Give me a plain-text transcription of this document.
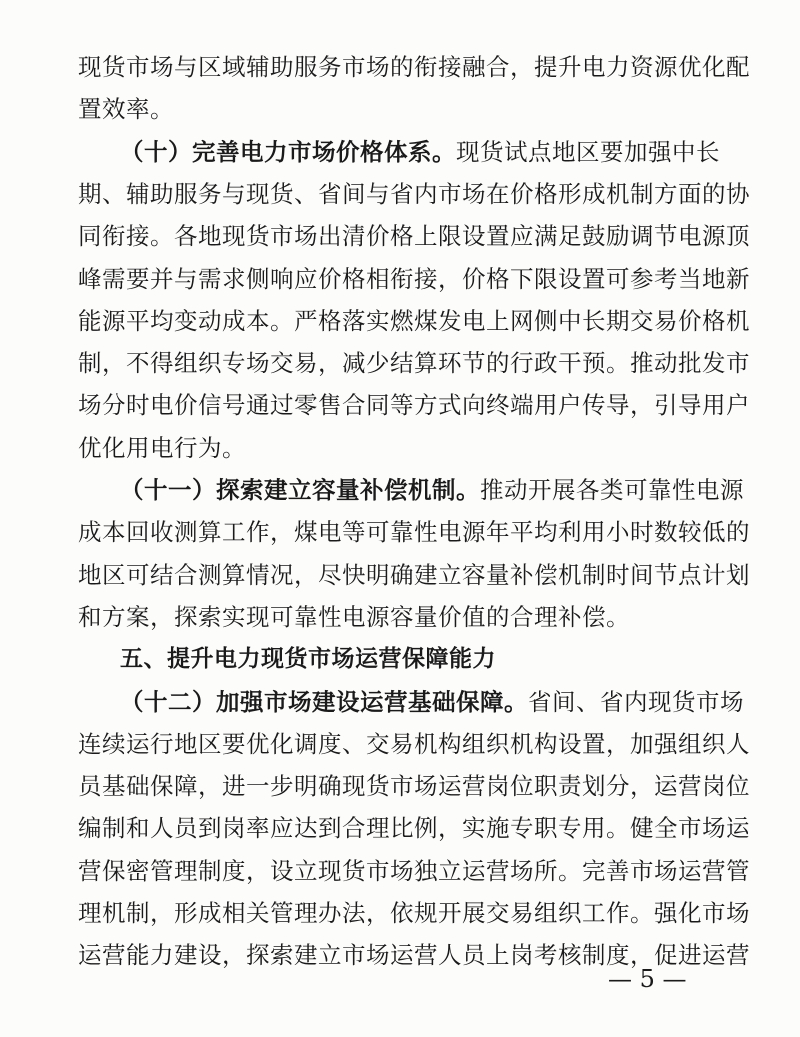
现货市场与区域辅助服务市场的衔接融合，提升电力资源优化配
置效率。
（十）完善电力市场价格体系。现货试点地区要加强中长
期、辅助服务与现货、省间与省内市场在价格形成机制方面的协
同衔接。各地现货市场出清价格上限设置应满足鼓励调节电源顶
峰需要并与需求侧响应价格相衔接，价格下限设置可参考当地新
能源平均变动成本。严格落实燃煤发电上网侧中长期交易价格机
制，不得组织专场交易，减少结算环节的行政干预。推动批发市
场分时电价信号通过零售合同等方式向终端用户传导，引导用户
优化用电行为。
（十一）探索建立容量补偿机制。推动开展各类可靠性电源
成本回收测算工作，煤电等可靠性电源年平均利用小时数较低的
地区可结合测算情况，尽快明确建立容量补偿机制时间节点计划
和方案，探索实现可靠性电源容量价值的合理补偿。
五、提升电力现货市场运营保障能力
（十二）加强市场建设运营基础保障。省间、省内现货市场
连续运行地区要优化调度、交易机构组织机构设置，加强组织人
员基础保障，进一步明确现货市场运营岗位职责划分，运营岗位
编制和人员到岗率应达到合理比例，实施专职专用。健全市场运
营保密管理制度，设立现货市场独立运营场所。完善市场运营管
理机制，形成相关管理办法，依规开展交易组织工作。强化市场
运营能力建设，探索建立市场运营人员上岗考核制度，促进运营
— 5 —
